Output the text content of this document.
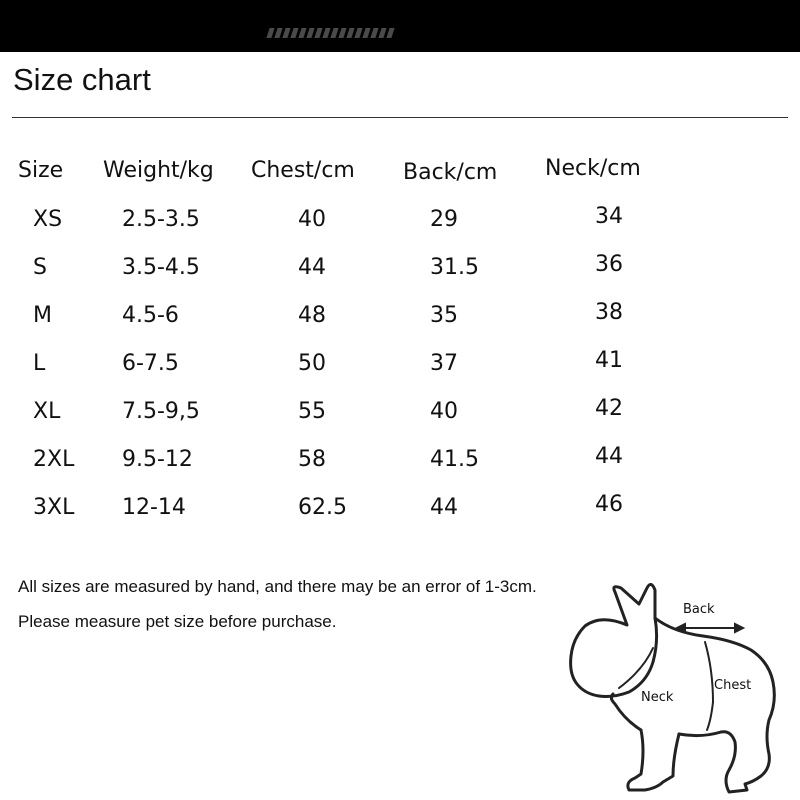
Size chart
Size Weight/kg Chest/cm Back/cm Neck/cm
XS	2.5-3.5	40	29	34
S	3.5-4.5	44	31.5	36
M	4.5-6	48	35	38
L	6-7.5	50	37	41
XL	7.5-9,5	55	40	42
2XL 9.5-12	58	41.5	44
3XL 12-14	62.5	44	46
All sizes are measured by hand, and there may be an error of 1-3cm.
Please measure pet size before purchase.
Back
Neck
Chest
